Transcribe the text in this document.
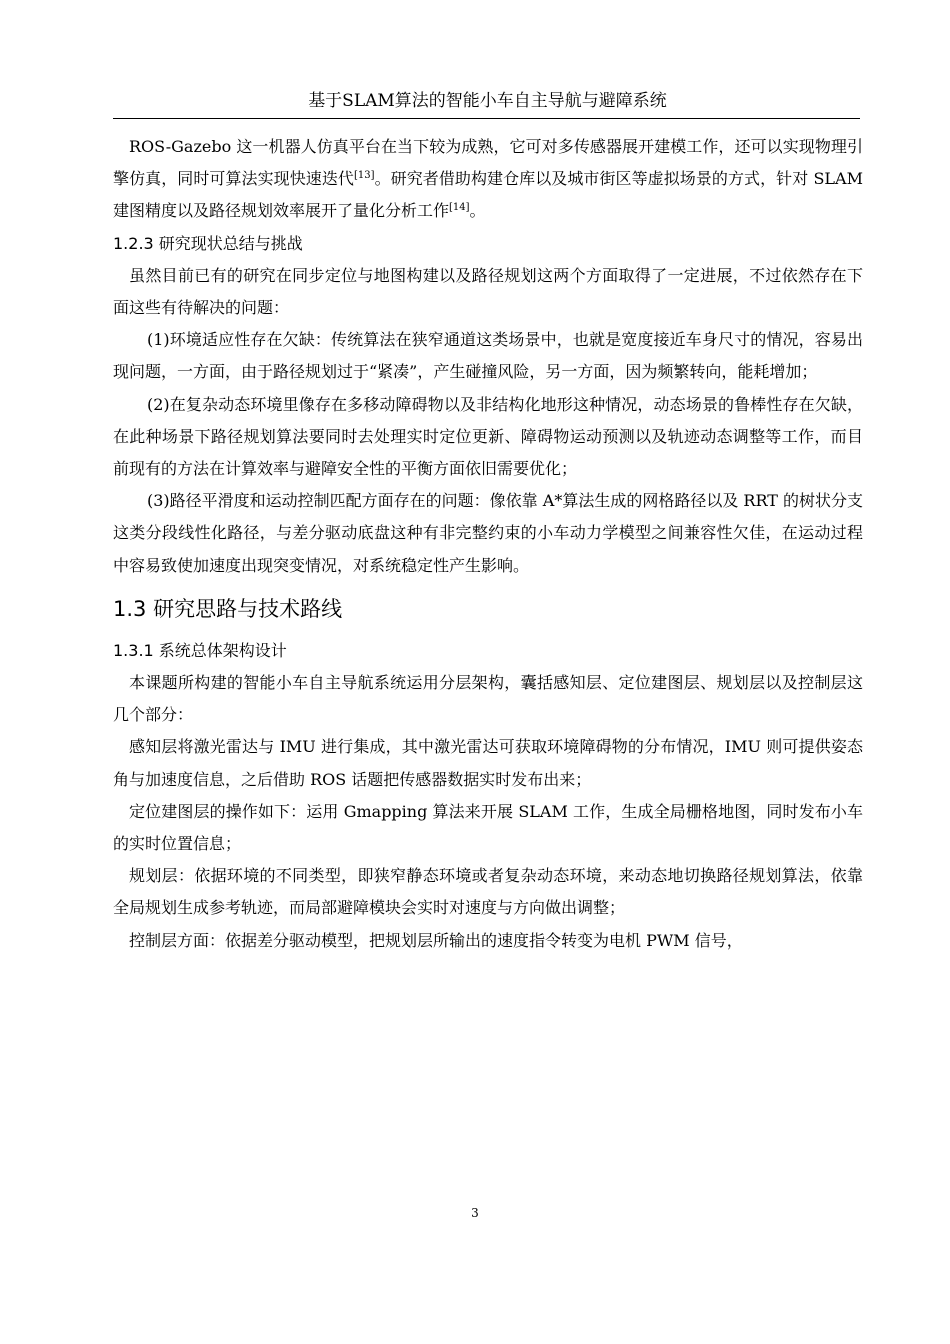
基于SLAM算法的智能小车自主导航与避障系统

ROS-Gazebo 这一机器人仿真平台在当下较为成熟，它可对多传感器展开建模工作，还可以实现物理引擎仿真，同时可算法实现快速迭代[13]。研究者借助构建仓库以及城市街区等虚拟场景的方式，针对 SLAM 建图精度以及路径规划效率展开了量化分析工作[14]。

1.2.3 研究现状总结与挑战

虽然目前已有的研究在同步定位与地图构建以及路径规划这两个方面取得了一定进展，不过依然存在下面这些有待解决的问题：

(1)环境适应性存在欠缺：传统算法在狭窄通道这类场景中，也就是宽度接近车身尺寸的情况，容易出现问题，一方面，由于路径规划过于“紧凑”，产生碰撞风险，另一方面，因为频繁转向，能耗增加；

(2)在复杂动态环境里像存在多移动障碍物以及非结构化地形这种情况，动态场景的鲁棒性存在欠缺，在此种场景下路径规划算法要同时去处理实时定位更新、障碍物运动预测以及轨迹动态调整等工作，而目前现有的方法在计算效率与避障安全性的平衡方面依旧需要优化；

(3)路径平滑度和运动控制匹配方面存在的问题：像依靠 A*算法生成的网格路径以及 RRT 的树状分支这类分段线性化路径，与差分驱动底盘这种有非完整约束的小车动力学模型之间兼容性欠佳，在运动过程中容易致使加速度出现突变情况，对系统稳定性产生影响。

1.3 研究思路与技术路线
1.3.1 系统总体架构设计

本课题所构建的智能小车自主导航系统运用分层架构，囊括感知层、定位建图层、规划层以及控制层这几个部分：

感知层将激光雷达与 IMU 进行集成，其中激光雷达可获取环境障碍物的分布情况，IMU 则可提供姿态角与加速度信息，之后借助 ROS 话题把传感器数据实时发布出来；

定位建图层的操作如下：运用 Gmapping 算法来开展 SLAM 工作，生成全局栅格地图，同时发布小车的实时位置信息；

规划层：依据环境的不同类型，即狭窄静态环境或者复杂动态环境，来动态地切换路径规划算法，依靠全局规划生成参考轨迹，而局部避障模块会实时对速度与方向做出调整；

控制层方面：依据差分驱动模型，把规划层所输出的速度指令转变为电机 PWM 信号，

3
